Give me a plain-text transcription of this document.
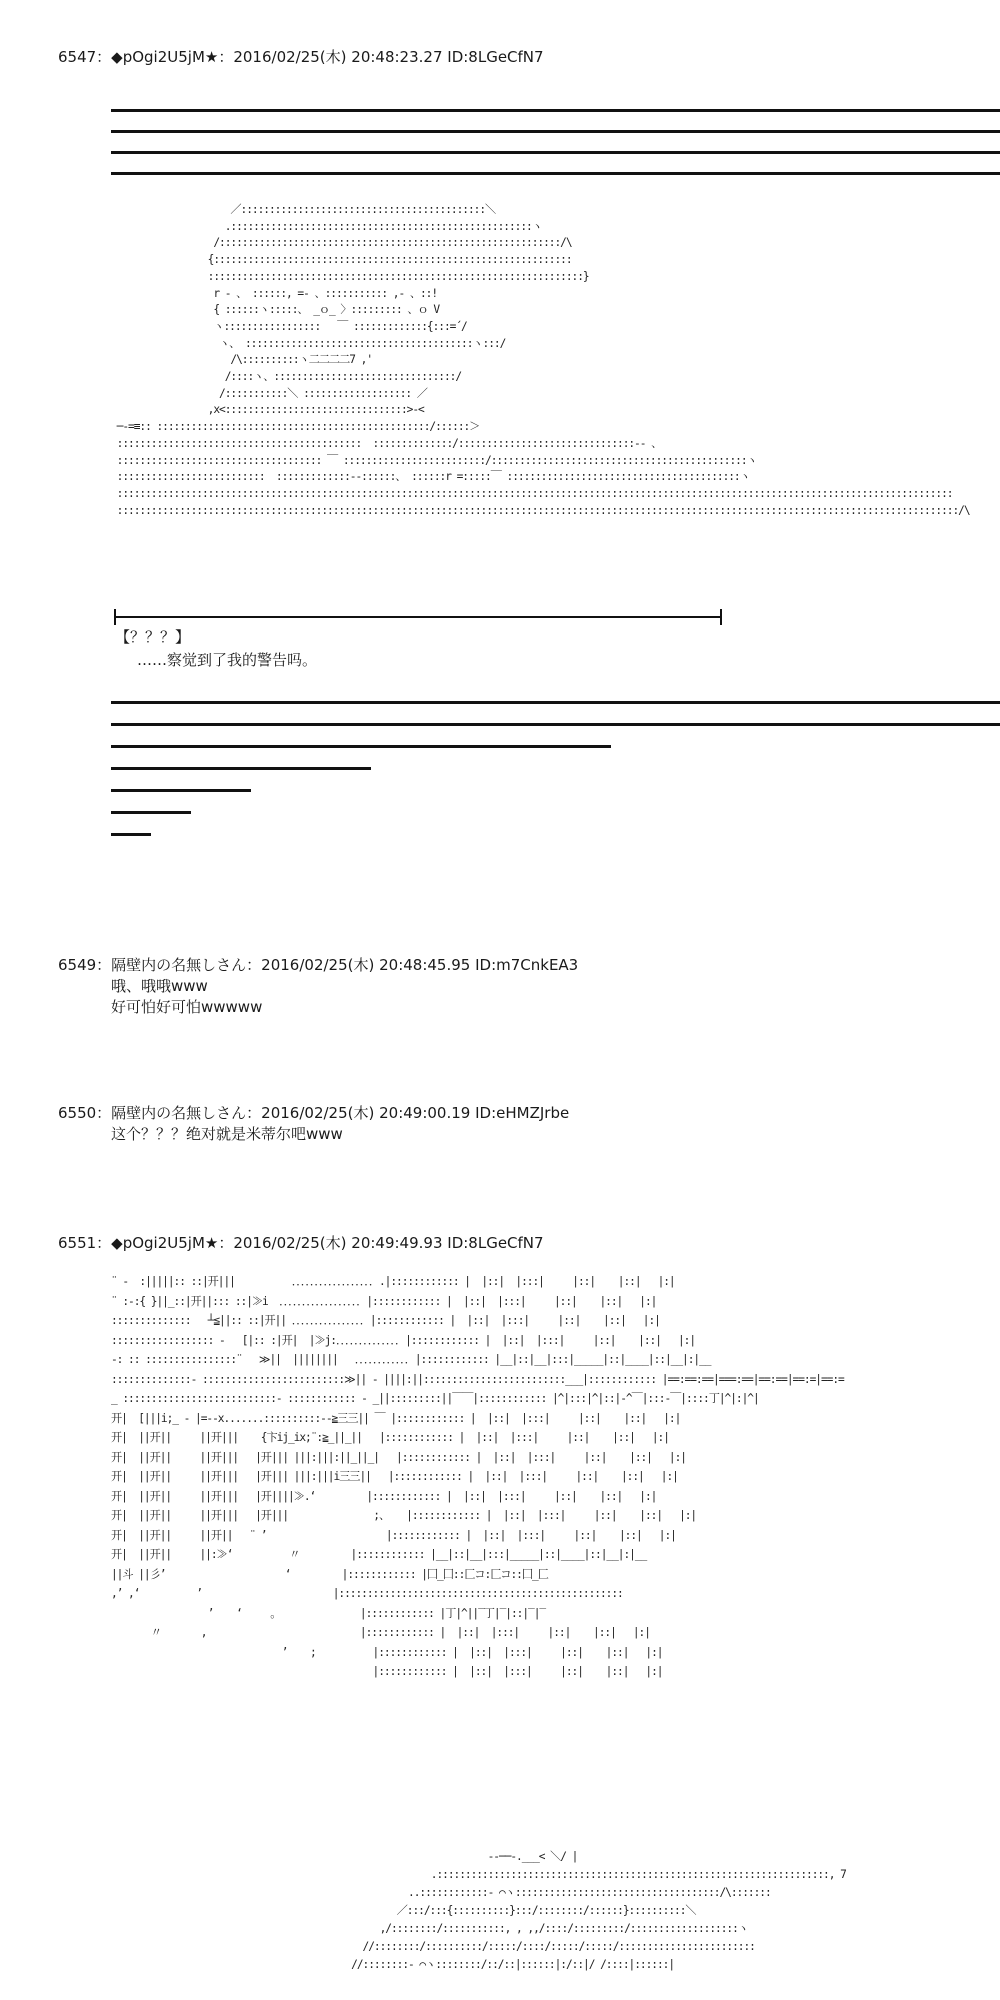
6547：◆pOgi2U5jM★：2016/02/25(木) 20:48:23.27 ID:8LGeCfN7
／:::::::::::::::::::::::::::::::::::::::::::＼
.:::::::::::::::::::::::::::::::::::::::::::::::::::::ヽ
/::::::::::::::::::::::::::::::::::::::::::::::::::::::::::::/\
{:::::::::::::::::::::::::::::::::::::::::::::::::::::::::::::::
::::::::::::::::::::::::::::::::::::::::::::::::::::::::::::::::::}
r ‐ 、 ::::::, =‐ 、::::::::::: ,‐ 、::!
{ ::::::ヽ:::::、 _ｏ_ 〉::::::::: 、ｏ V
ヽ:::::::::::::::::   ￣ :::::::::::::{:::=´/
ヽ、 ::::::::::::::::::::::::::::::::::::::::ヽ:::/
/\::::::::::ヽ二二二二7 ,'
/::::ヽ、::::::::::::::::::::::::::::::::/
/:::::::::::＼ ::::::::::::::::::: ／
,x<::::::::::::::::::::::::::::::::>-<
─-=≡:: ::::::::::::::::::::::::::::::::::::::::::::::::/::::::＞
:::::::::::::::::::::::::::::::::::::::::::  ::::::::::::::/:::::::::::::::::::::::::::::::-‐ 、
:::::::::::::::::::::::::::::::::::: ￣ :::::::::::::::::::::::::/:::::::::::::::::::::::::::::::::::::::::::::ヽ
::::::::::::::::::::::::::  :::::::::::::‐-::::::、 ::::::r =:::::￣ :::::::::::::::::::::::::::::::::::::::::ヽ
:::::::::::::::::::::::::::::::::::::::::::::::::::::::::::::::::::::::::::::::::::::::::::::::::::::::::::::::::::::::::::::::::::::::::::::::::::
::::::::::::::::::::::::::::::::::::::::::::::::::::::::::::::::::::::::::::::::::::::::::::::::::::::::::::::::::::::::::::::::::::::::::::::::::::/\
【？？？】
……察觉到了我的警告吗。
6549：隔壁内の名無しさん：2016/02/25(木) 20:48:45.95 ID:m7CnkEA3
哦、哦哦www
好可怕好可怕wwwww
6550：隔壁内の名無しさん：2016/02/25(木) 20:49:00.19 ID:eHMZJrbe
这个？？？绝对就是米蒂尔吧www
6551：◆pOgi2U5jM★：2016/02/25(木) 20:49:49.93 ID:8LGeCfN7
¨ ‐  :|||||:: ::|开|||          ．．．．．．．．．．．．．．．．．．.|:::::::::::: |  |::|  |:::|     |::|    |::|   |:|
¨ :‐:{ }||_::|开||::: ::|≫i  ．．．．．．．．．．．．．．．．．．|:::::::::::: |  |::|  |:::|     |::|    |::|   |:|
::::::::::::::   ┴≦||:: ::|开|| ．．．．．．．．．．．．．．．．|:::::::::::: |  |::|  |:::|     |::|    |::|   |:|
:::::::::::::::::: ‐   [|:: :|开|  |≫j:．．．．．．．．．．．．．．|:::::::::::: |  |::|  |:::|     |::|    |::|   |:|
‐: :: ::::::::::::::::¨   ≫||  ||||||||   ．．．．．．．．．．．．|:::::::::::: |__|::|__|:::|_____|::|____|::|__|:|__
::::::::::::::‐ :::::::::::::::::::::::::≫|| ‐ ||||:||:::::::::::::::::::::::::___|:::::::::::: |==:==:==|===:==|==:==|==:=|==:=
_ :::::::::::::::::::::::::::‐ :::::::::::: ‐ _||:::::::::||￣￣|:::::::::::: |^|:::|^|::|‐^￣|:::‐￣|::::丁|^|:|^|
开|  [|||i;_ ‐ |=‐-x.......::::::::::‐-≧三三|| ￣ |:::::::::::: |  |::|  |:::|     |::|    |::|   |:|
开|  ||开||     ||开|||    {卞ij_ix;¨:≧_||_||   |:::::::::::: |  |::|  |:::|     |::|    |::|   |:|
开|  ||开||     ||开|||   |开||| |||:|||:||_||_|   |:::::::::::: |  |::|  |:::|     |::|    |::|   |:|
开|  ||开||     ||开|||   |开||| |||:|||i三三||   |:::::::::::: |  |::|  |:::|     |::|    |::|   |:|
开|  ||开||     ||开|||   |开||||≫.‘         |:::::::::::: |  |::|  |:::|     |::|    |::|   |:|
开|  ||开||     ||开|||   |开|||               ;、   |:::::::::::: |  |::|  |:::|     |::|    |::|   |:|
开|  ||开||     ||开||   ¨ ’                     |:::::::::::: |  |::|  |:::|     |::|    |::|   |:|
开|  ||开||     ||:≫‘          〃         |:::::::::::: |__|::|__|:::|_____|::|____|::|__|:|__
||斗 ||彡’                     ‘         |:::::::::::: |囗_囗::匚コ:匚コ::囗_匚
,’ ,‘          ’                       |::::::::::::::::::::::::::::::::::::::::::::::::::
’    ‘     。              |:::::::::::: |丁|^||‾丁|‾|::|‾|‾
〃       ,                           |:::::::::::: |  |::|  |:::|     |::|    |::|   |:|
’    ;          |:::::::::::: |  |::|  |:::|     |::|    |::|   |:|
|:::::::::::: |  |::|  |:::|     |::|    |::|   |:|
-‐──‐.___< ＼/ |
.:::::::::::::::::::::::::::::::::::::::::::::::::::::::::::::::::::::, 7
..::::::::::::‐ ⌒ヽ::::::::::::::::::::::::::::::::::::/\:::::::
／:::/:::{::::::::::}:::/::::::::/::::::}::::::::::＼
,/::::::::/:::::::::::, , ,,/::::/:::::::::/:::::::::::::::::::ヽ
//::::::::/::::::::::/:::::/::::/:::::/:::::/::::::::::::::::::::::::
//::::::::‐ ⌒ヽ::::::::/::/::|::::::|:/::|/ /::::|::::::|
